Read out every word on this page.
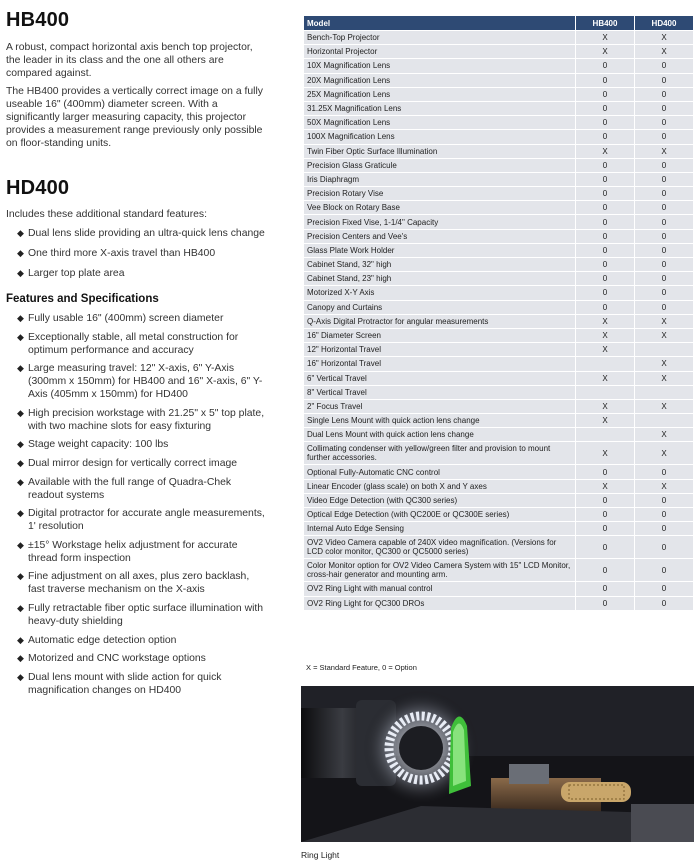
HB400

A robust, compact horizontal axis bench top projector, the leader in its class and the one all others are compared against.

The HB400 provides a vertically correct image on a fully useable 16" (400mm) diameter screen. With a significantly larger measuring capacity, this projector provides a measurement range previously only possible on floor-standing units.

HD400

Includes these additional standard features:

◆ Dual lens slide providing an ultra-quick lens change
◆ One third more X-axis travel than HB400
◆ Larger top plate area
Features and Specifications
◆ Fully usable 16" (400mm) screen diameter
◆ Exceptionally stable, all metal construction for optimum performance and accuracy
◆ Large measuring travel: 12" X-axis, 6" Y-Axis (300mm x 150mm) for HB400 and 16" X-axis, 6" Y-Axis (405mm x 150mm) for HD400
◆ High precision workstage with 21.25" x 5" top plate, with two machine slots for easy fixturing
◆ Stage weight capacity: 100 lbs
◆ Dual mirror design for vertically correct image
◆ Available with the full range of Quadra-Chek readout systems
◆ Digital protractor for accurate angle measurements, 1' resolution
◆ ±15° Workstage helix adjustment for accurate thread form inspection
◆ Fine adjustment on all axes, plus zero backlash, fast traverse mechanism on the X-axis
◆ Fully retractable fiber optic surface illumination with heavy-duty shielding
◆ Automatic edge detection option
◆ Motorized and CNC workstage options
◆ Dual lens mount with slide action for quick magnification changes on HD400
Model	HB400	HD400
Bench-Top Projector	X	X
Horizontal Projector	X	X
10X Magnification Lens	0	0
20X Magnification Lens	0	0
25X Magnification Lens	0	0
31.25X Magnification Lens	0	0
50X Magnification Lens	0	0
100X Magnification Lens	0	0
Twin Fiber Optic Surface Illumination	X	X
Precision Glass Graticule	0	0
Iris Diaphragm	0	0
Precision Rotary Vise	0	0
Vee Block on Rotary Base	0	0
Precision Fixed Vise, 1-1/4" Capacity	0	0
Precision Centers and Vee's	0	0
Glass Plate Work Holder	0	0
Cabinet Stand, 32" high	0	0
Cabinet Stand, 23" high	0	0
Motorized X-Y Axis	0	0
Canopy and Curtains	0	0
Q-Axis Digital Protractor for angular measurements	X	X
16" Diameter Screen	X	X
12" Horizontal Travel	X	
16" Horizontal Travel		X
6" Vertical Travel	X	X
8" Vertical Travel		
2" Focus Travel	X	X
Single Lens Mount with quick action lens change	X	
Dual Lens Mount with quick action lens change		X
Collimating condenser with yellow/green filter and provision to mount further accessories.	X	X
Optional Fully-Automatic CNC control	0	0
Linear Encoder (glass scale) on both X and Y axes	X	X
Video Edge Detection (with QC300 series)	0	0
Optical Edge Detection (with QC200E or QC300E series)	0	0
Internal Auto Edge Sensing	0	0
OV2 Video Camera capable of 240X video magnification. (Versions for LCD color monitor, QC300 or QC5000 series)	0	0
Color Monitor option for OV2 Video Camera System with 15" LCD Monitor, cross-hair generator and mounting arm.	0	0
OV2 Ring Light with manual control	0	0
OV2 Ring Light for QC300 DROs	0	0
X = Standard Feature, 0 = Option
Ring Light
